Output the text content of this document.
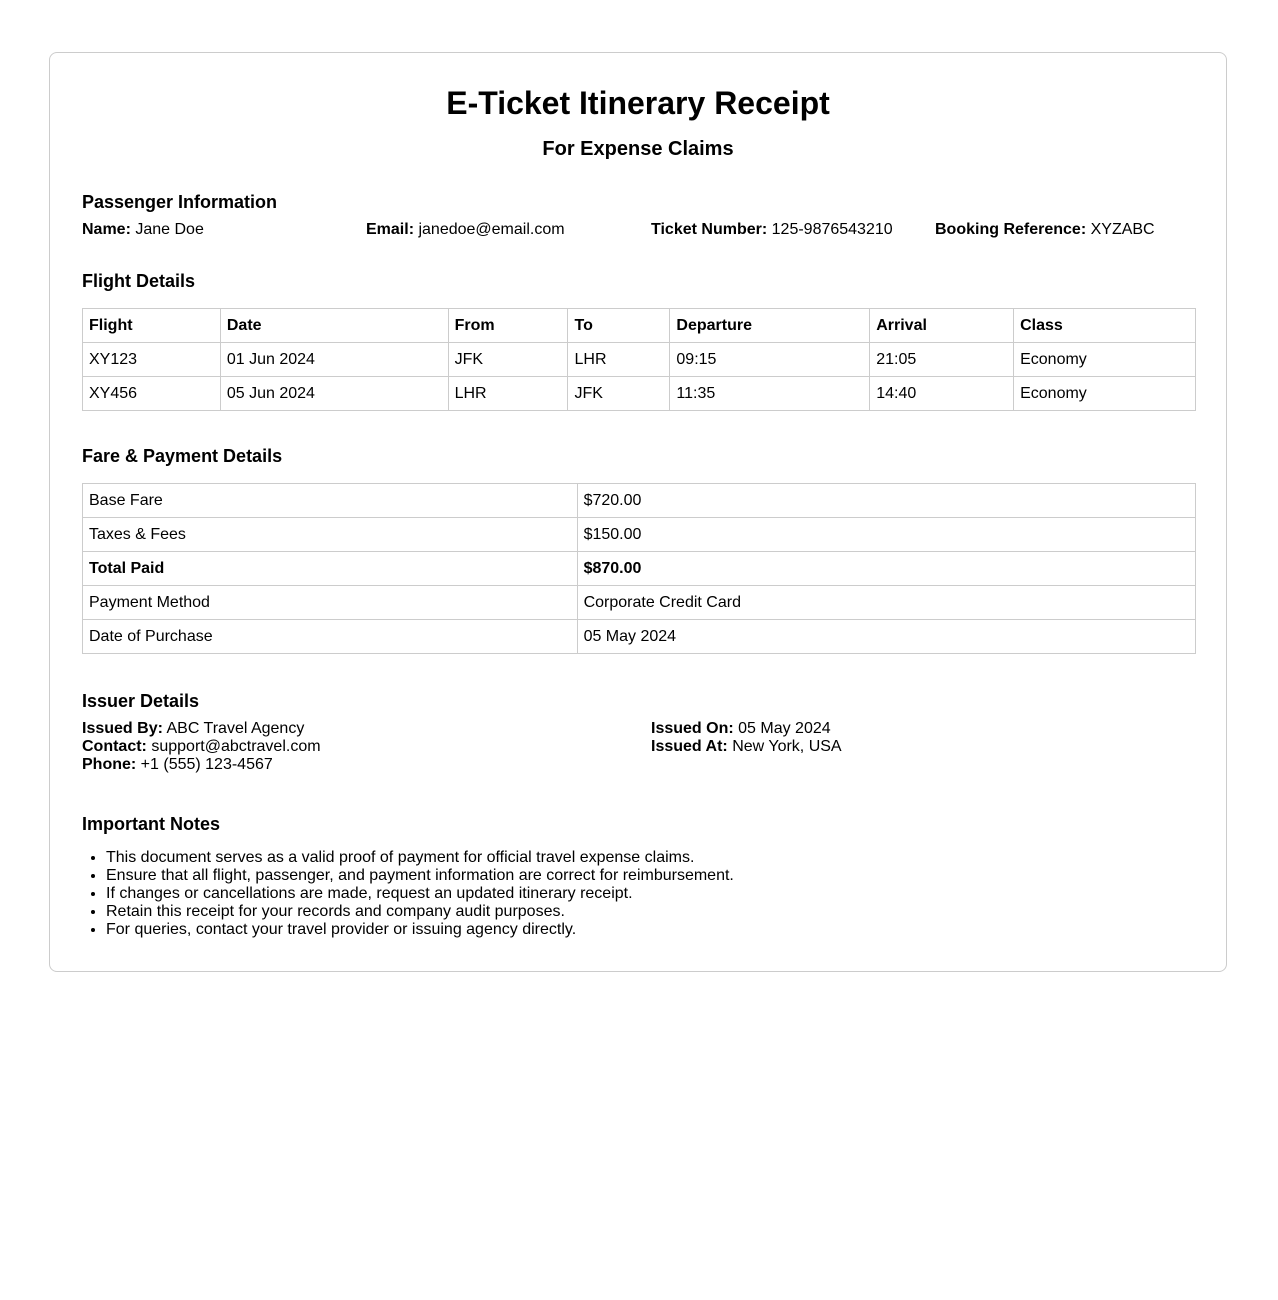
E-Ticket Itinerary Receipt
For Expense Claims
Passenger Information
Name: Jane Doe	Email: janedoe@email.com	Ticket Number: 125-9876543210	Booking Reference: XYZABC
Flight Details
Flight	Date	From	To	Departure	Arrival	Class
XY123	01 Jun 2024	JFK	LHR	09:15	21:05	Economy
XY456	05 Jun 2024	LHR	JFK	11:35	14:40	Economy
Fare & Payment Details
Base Fare	$720.00
Taxes & Fees	$150.00
Total Paid	$870.00
Payment Method	Corporate Credit Card
Date of Purchase	05 May 2024
Issuer Details
Issued By: ABC Travel Agency
Contact: support@abctravel.com
Phone: +1 (555) 123-4567
Issued On: 05 May 2024
Issued At: New York, USA
Important Notes
• This document serves as a valid proof of payment for official travel expense claims.
• Ensure that all flight, passenger, and payment information are correct for reimbursement.
• If changes or cancellations are made, request an updated itinerary receipt.
• Retain this receipt for your records and company audit purposes.
• For queries, contact your travel provider or issuing agency directly.
